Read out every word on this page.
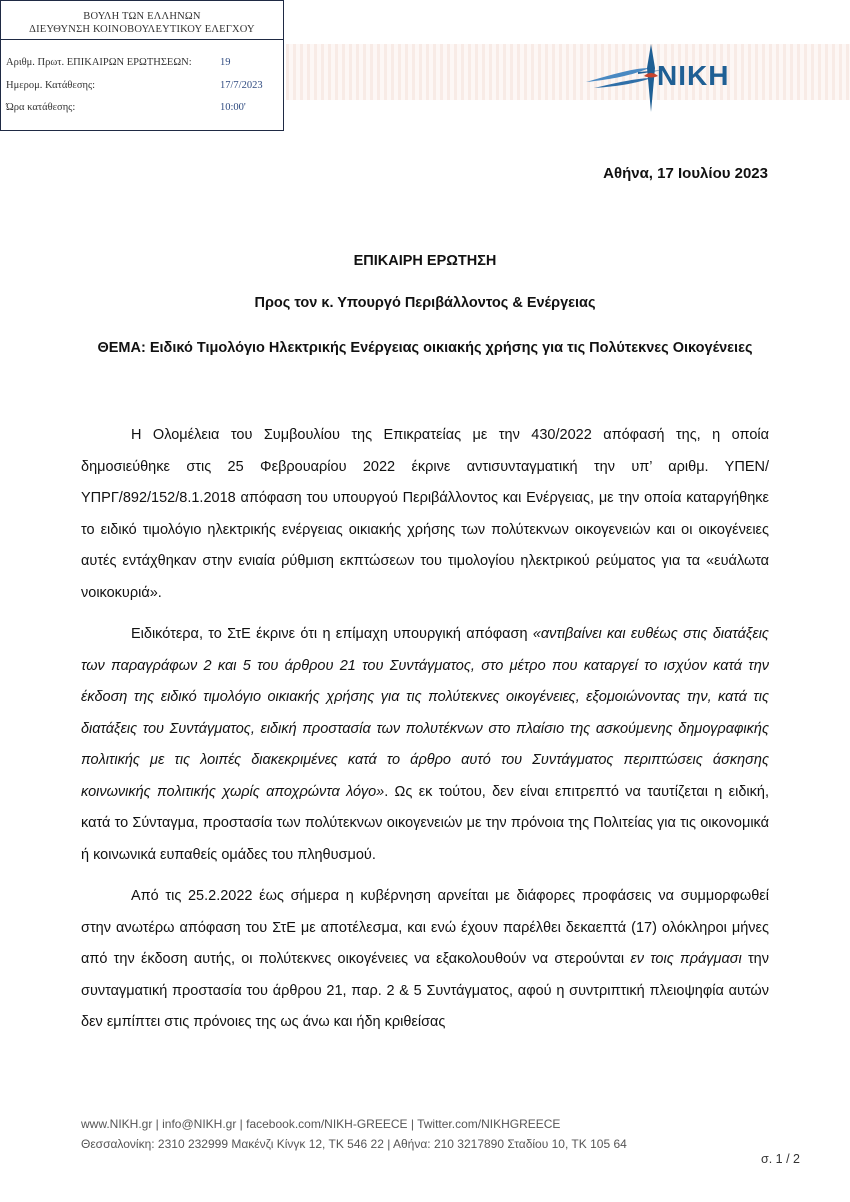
ΒΟΥΛΗ ΤΩΝ ΕΛΛΗΝΩΝ
ΔΙΕΥΘΥΝΣΗ ΚΟΙΝΟΒΟΥΛΕΥΤΙΚΟΥ ΕΛΕΓΧΟΥ
Αριθμ. Πρωτ. ΕΠΙΚΑΙΡΩΝ ΕΡΩΤΗΣΕΩΝ:	19
Ημερομ. Κατάθεσης:	17/7/2023
Ώρα κατάθεσης:	10:00'
NIKH
Αθήνα, 17 Ιουλίου 2023
ΕΠΙΚΑΙΡΗ ΕΡΩΤΗΣΗ
Προς τον κ. Υπουργό Περιβάλλοντος & Ενέργειας
ΘΕΜΑ: Ειδικό Τιμολόγιο Ηλεκτρικής Ενέργειας οικιακής χρήσης για τις Πολύτεκνες Οικογένειες

Η Ολομέλεια του Συμβουλίου της Επικρατείας με την 430/2022 απόφασή της, η οποία δημοσιεύθηκε στις 25 Φεβρουαρίου 2022 έκρινε αντισυνταγματική την υπ’ αριθμ. ΥΠΕΝ/ΥΠΡΓ/892/152/8.1.2018 απόφαση του υπουργού Περιβάλλοντος και Ενέργειας, με την οποία καταργήθηκε το ειδικό τιμολόγιο ηλεκτρικής ενέργειας οικιακής χρήσης των πολύτεκνων οικογενειών και οι οικογένειες αυτές εντάχθηκαν στην ενιαία ρύθμιση εκπτώσεων του τιμολογίου ηλεκτρικού ρεύματος για τα «ευάλωτα νοικοκυριά».

Ειδικότερα, το ΣτΕ έκρινε ότι η επίμαχη υπουργική απόφαση «αντιβαίνει και ευθέως στις διατάξεις των παραγράφων 2 και 5 του άρθρου 21 του Συντάγματος, στο μέτρο που καταργεί το ισχύον κατά την έκδοση της ειδικό τιμολόγιο οικιακής χρήσης για τις πολύτεκνες οικογένειες, εξομοιώνοντας την, κατά τις διατάξεις του Συντάγματος, ειδική προστασία των πολυτέκνων στο πλαίσιο της ασκούμενης δημογραφικής πολιτικής με τις λοιπές διακεκριμένες κατά το άρθρο αυτό του Συντάγματος περιπτώσεις άσκησης κοινωνικής πολιτικής χωρίς αποχρώντα λόγο». Ως εκ τούτου, δεν είναι επιτρεπτό να ταυτίζεται η ειδική, κατά το Σύνταγμα, προστασία των πολύτεκνων οικογενειών με την πρόνοια της Πολιτείας για τις οικονομικά ή κοινωνικά ευπαθείς ομάδες του πληθυσμού.

Από τις 25.2.2022 έως σήμερα η κυβέρνηση αρνείται με διάφορες προφάσεις να συμμορφωθεί στην ανωτέρω απόφαση του ΣτΕ με αποτέλεσμα, και ενώ έχουν παρέλθει δεκαεπτά (17) ολόκληροι μήνες από την έκδοση αυτής, οι πολύτεκνες οικογένειες να εξακολουθούν να στερούνται εν τοις πράγμασι την συνταγματική προστασία του άρθρου 21, παρ. 2 & 5 Συντάγματος, αφού η συντριπτική πλειοψηφία αυτών δεν εμπίπτει στις πρόνοιες της ως άνω και ήδη κριθείσας

www.NIKH.gr | info@NIKH.gr | facebook.com/NIKH-GREECE | Twitter.com/NIKHGREECE
Θεσσαλονίκη: 2310 232999 Μακένζι Κίνγκ 12, ΤΚ 546 22 | Αθήνα: 210 3217890 Σταδίου 10, ΤΚ 105 64
σ. 1 / 2
